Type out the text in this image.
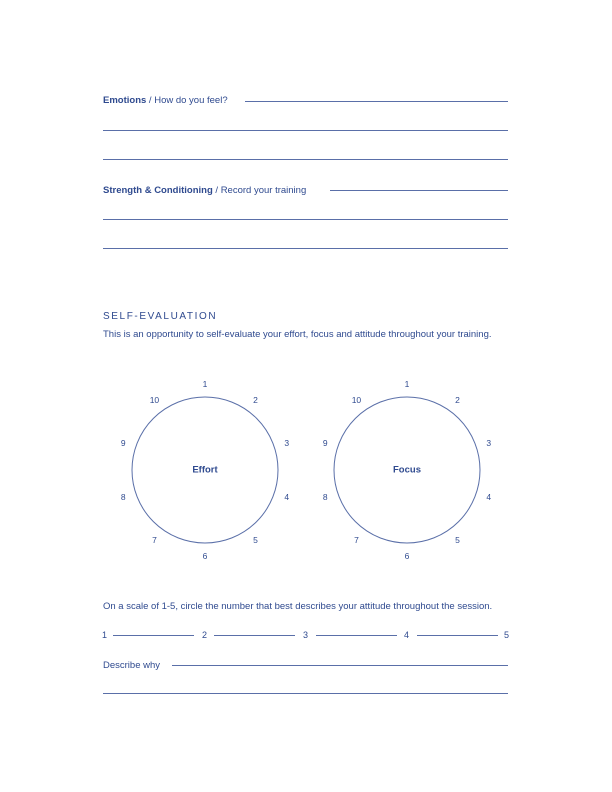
Emotions / How do you feel?
Strength & Conditioning / Record your training
SELF-EVALUATION
This is an opportunity to self-evaluate your effort, focus and attitude throughout your training.
Effort
1
2
3
4
5
6
7
8
9
10
Focus
1
2
3
4
5
6
7
8
9
10
On a scale of 1-5, circle the number that best describes your attitude throughout the session.
1	2	3	4	5
Describe why
